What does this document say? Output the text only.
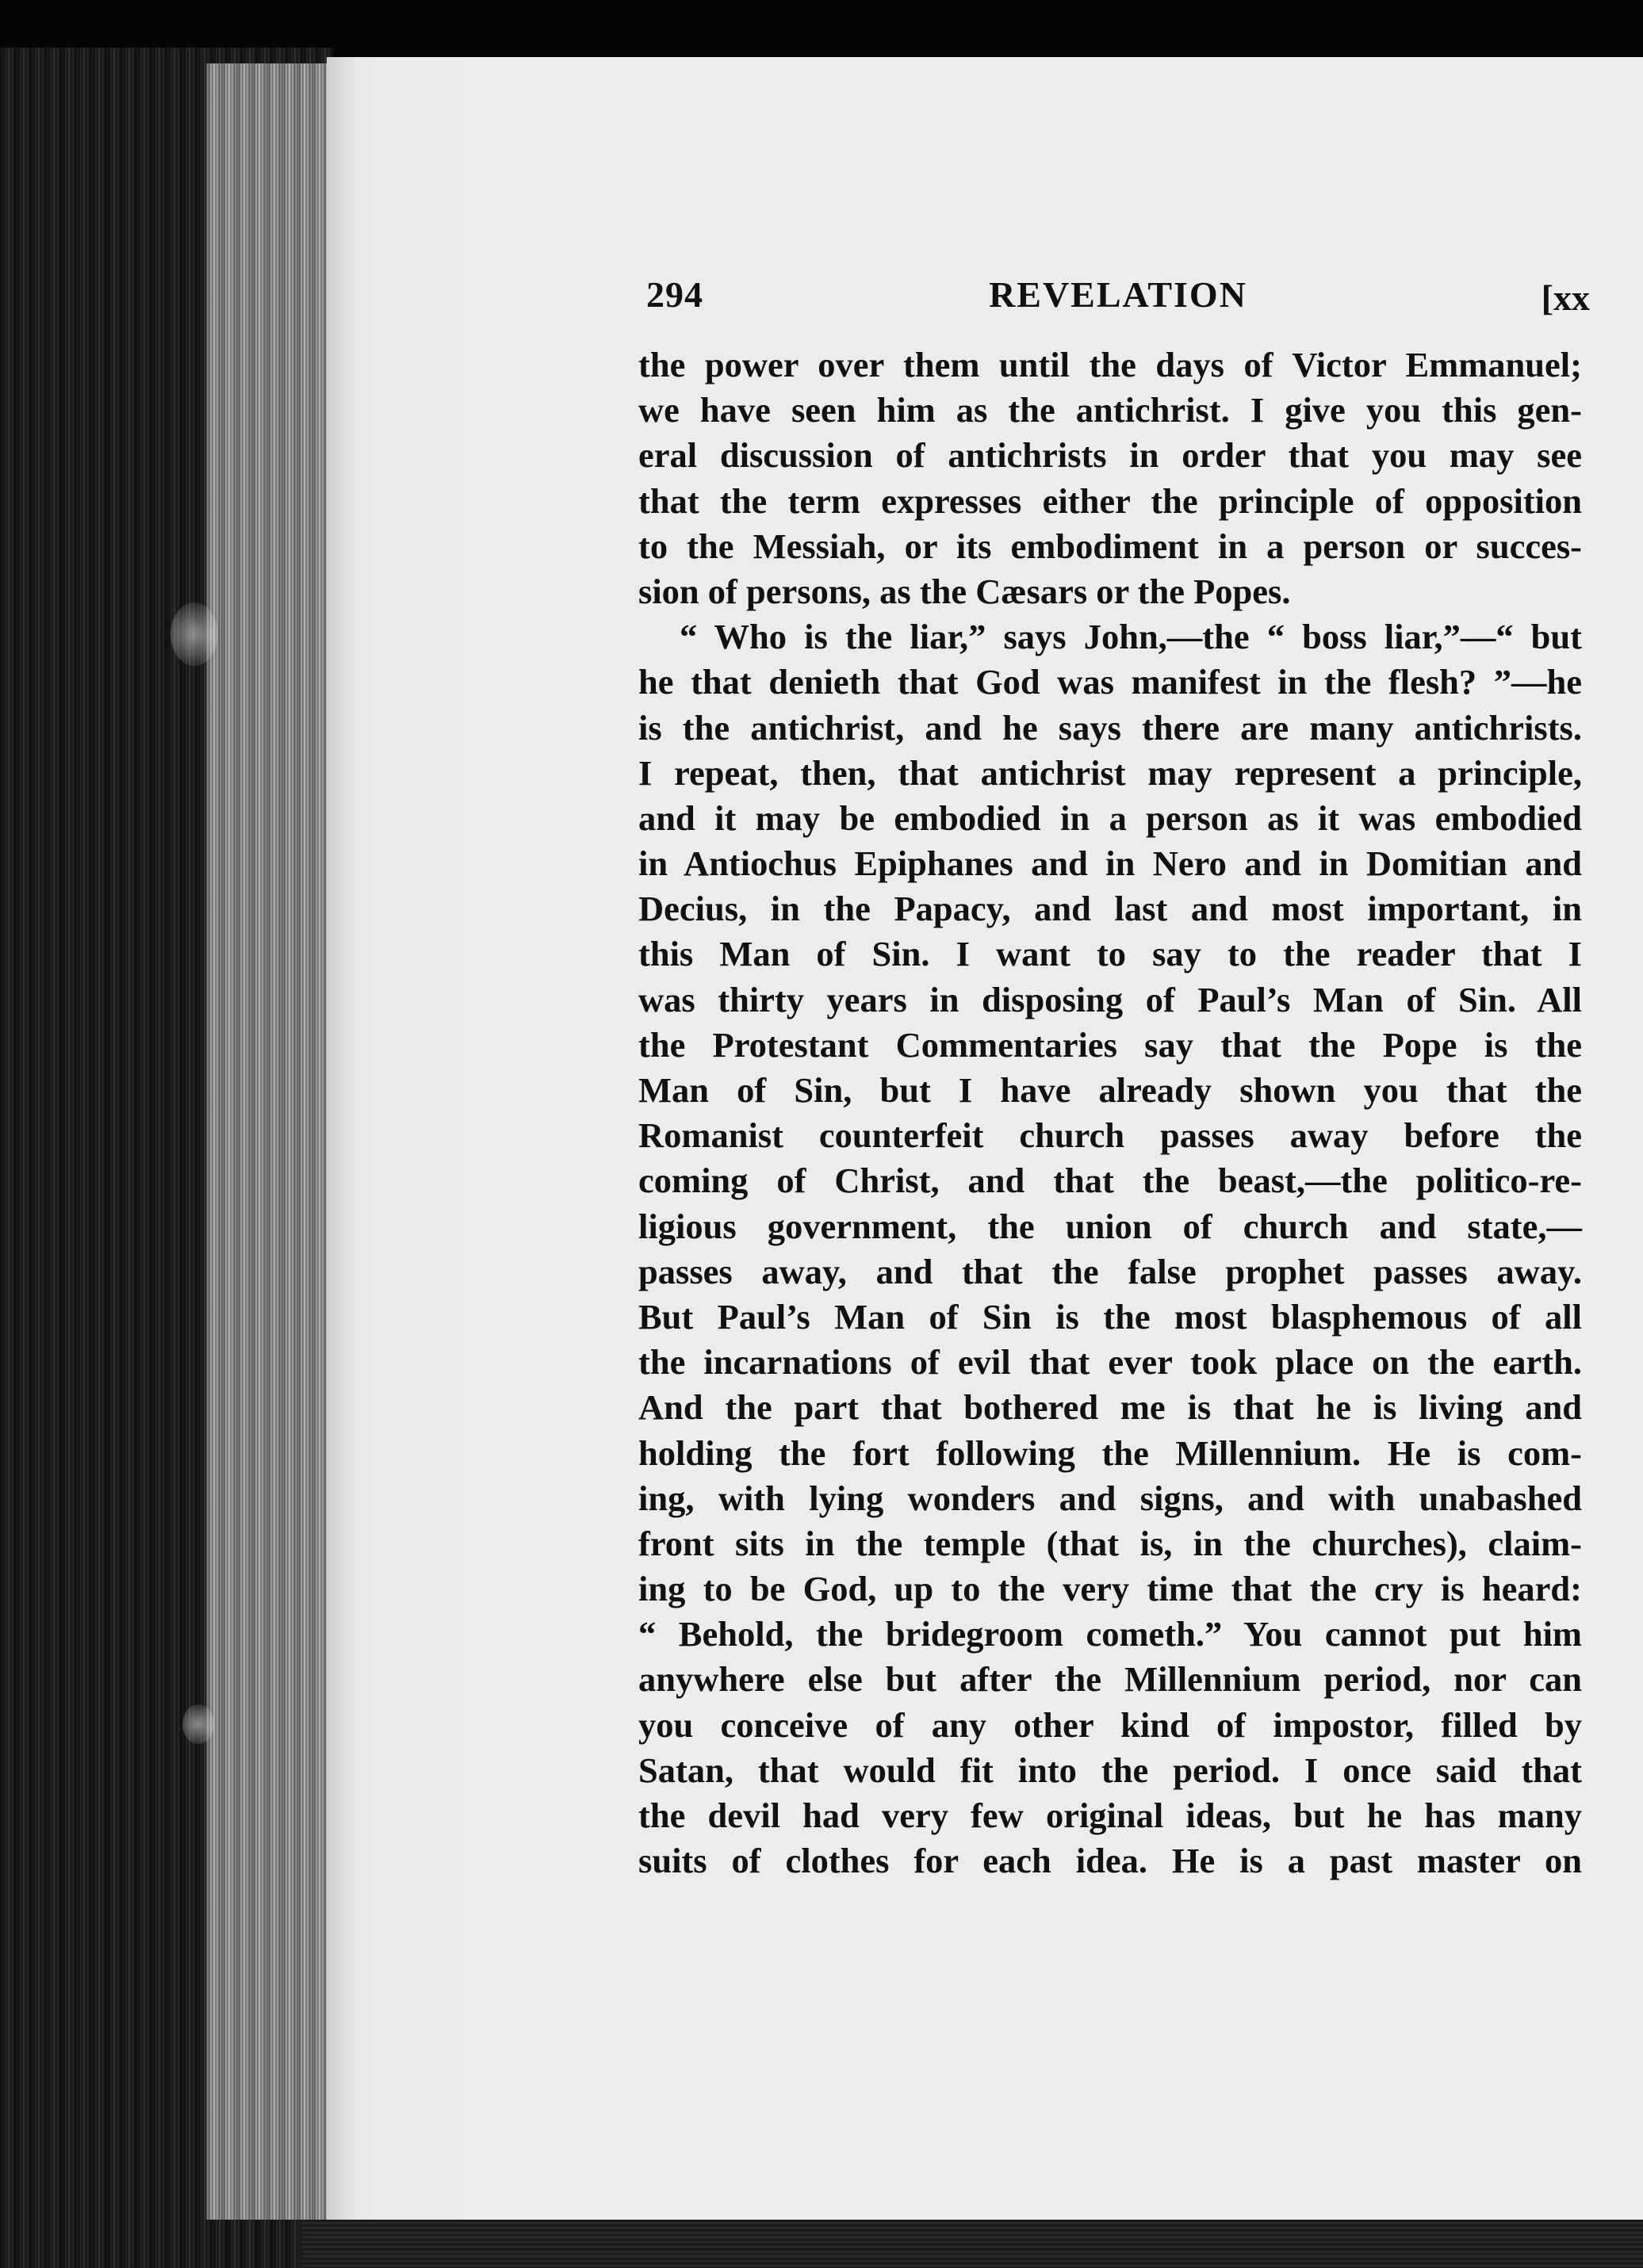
294	REVELATION	[xx
the power over them until the days of Victor Emmanuel;
we have seen him as the antichrist. I give you this gen-
eral discussion of antichrists in order that you may see
that the term expresses either the principle of opposition
to the Messiah, or its embodiment in a person or succes-
sion of persons, as the Cæsars or the Popes.
“ Who is the liar,” says John,—the “ boss liar,”—“ but
he that denieth that God was manifest in the flesh? ”—he
is the antichrist, and he says there are many antichrists.
I repeat, then, that antichrist may represent a principle,
and it may be embodied in a person as it was embodied
in Antiochus Epiphanes and in Nero and in Domitian and
Decius, in the Papacy, and last and most important, in
this Man of Sin. I want to say to the reader that I
was thirty years in disposing of Paul’s Man of Sin. All
the Protestant Commentaries say that the Pope is the
Man of Sin, but I have already shown you that the
Romanist counterfeit church passes away before the
coming of Christ, and that the beast,—the politico-re-
ligious government, the union of church and state,—
passes away, and that the false prophet passes away.
But Paul’s Man of Sin is the most blasphemous of all
the incarnations of evil that ever took place on the earth.
And the part that bothered me is that he is living and
holding the fort following the Millennium. He is com-
ing, with lying wonders and signs, and with unabashed
front sits in the temple (that is, in the churches), claim-
ing to be God, up to the very time that the cry is heard:
“ Behold, the bridegroom cometh.” You cannot put him
anywhere else but after the Millennium period, nor can
you conceive of any other kind of impostor, filled by
Satan, that would fit into the period. I once said that
the devil had very few original ideas, but he has many
suits of clothes for each idea. He is a past master on
